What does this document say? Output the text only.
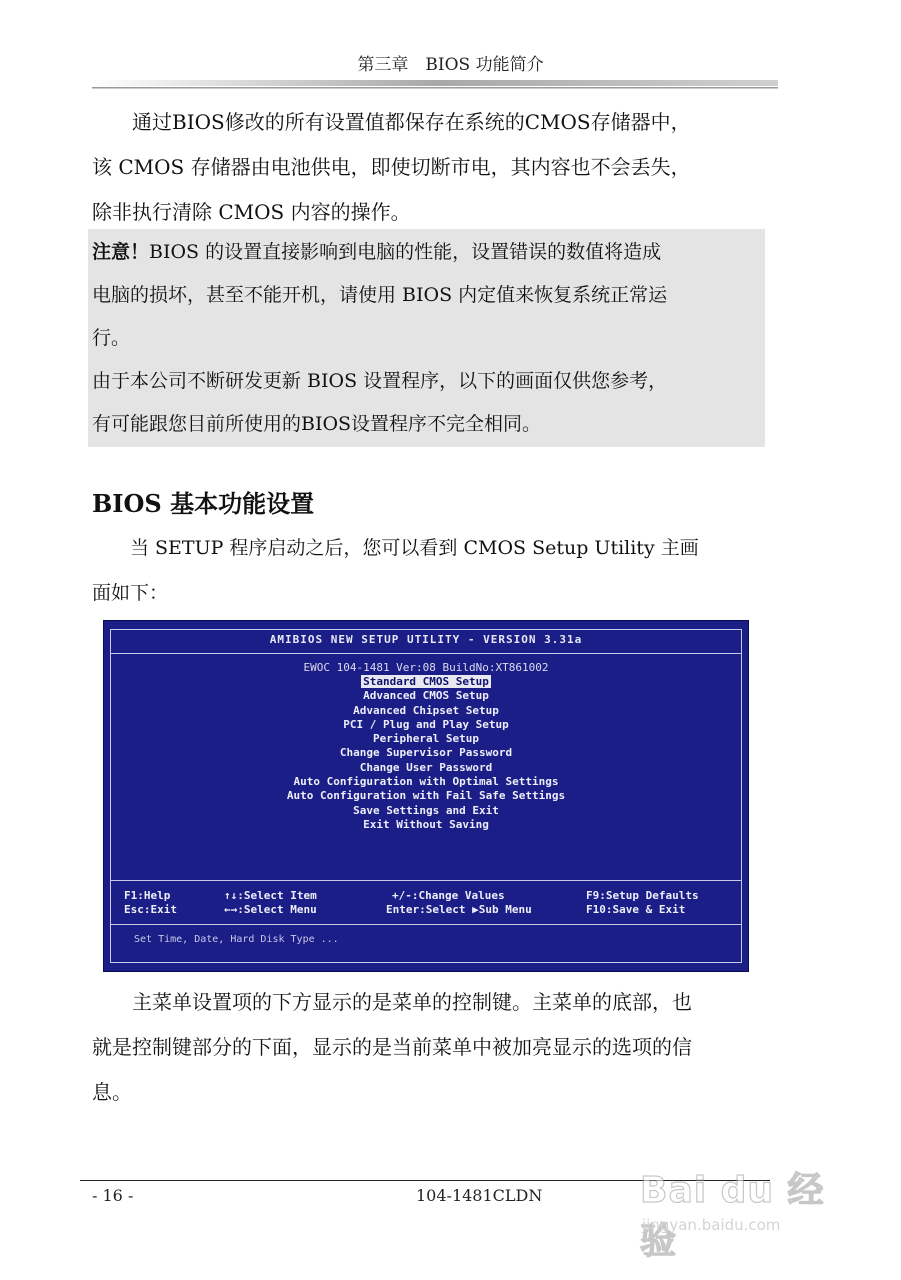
第三章　BIOS 功能简介

通过BIOS修改的所有设置值都保存在系统的CMOS存储器中，

该 CMOS 存储器由电池供电，即使切断市电，其内容也不会丢失，

除非执行清除 CMOS 内容的操作。

注意！BIOS 的设置直接影响到电脑的性能，设置错误的数值将造成

电脑的损坏，甚至不能开机，请使用 BIOS 内定值来恢复系统正常运

行。

由于本公司不断研发更新 BIOS 设置程序，以下的画面仅供您参考，

有可能跟您目前所使用的BIOS设置程序不完全相同。

BIOS 基本功能设置

当 SETUP 程序启动之后，您可以看到 CMOS Setup Utility 主画

面如下：

AMIBIOS NEW SETUP UTILITY - VERSION 3.31a
EWOC 104-1481 Ver:08 BuildNo:XT861002
Standard CMOS Setup
Advanced CMOS Setup
Advanced Chipset Setup
PCI / Plug and Play Setup
Peripheral Setup
Change Supervisor Password
Change User Password
Auto Configuration with Optimal Settings
Auto Configuration with Fail Safe Settings
Save Settings and Exit
Exit Without Saving
F1:Help	↑↓:Select Item	+/-:Change Values	F9:Setup Defaults
Esc:Exit	←→:Select Menu	Enter:Select ▶Sub Menu	F10:Save & Exit
Set Time, Date, Hard Disk Type ...

主菜单设置项的下方显示的是菜单的控制键。主菜单的底部，也

就是控制键部分的下面，显示的是当前菜单中被加亮显示的选项的信

息。

- 16 -	104-1481CLDN	Bai du 经验
jingyan.baidu.com
